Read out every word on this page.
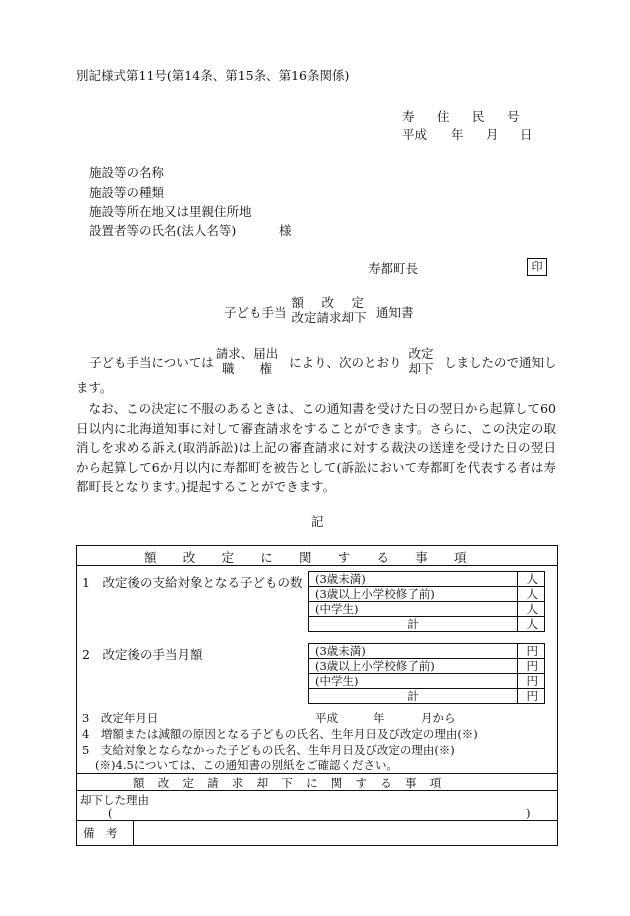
別記様式第11号(第14条、第15条、第16条関係)
寿　住　民　号
平成 年 月 日
施設等の名称
施設等の種類
施設等所在地又は里親住所地
設置者等の氏名(法人名等)	様
寿都町長	印
子ども手当
額　改　定
改定請求却下 通知書
子ども手当については
請求、届出
職　　権	により、次のとおり
改定
却下 しましたので通知し
ます。
なお、この決定に不服のあるときは、この通知書を受けた日の翌日から起算して60日以内に北海道知事に対して審査請求をすることができます。さらに、この決定の取消しを求める訴え(取消訴訟)は上記の審査請求に対する裁決の送達を受けた日の翌日から起算して6か月以内に寿都町を被告として(訴訟において寿都町を代表する者は寿都町長となります。)提起することができます。
記
額改定に関する事項
1　改定後の支給対象となる子どもの数 (3歳未満)	人
(3歳以上小学校修了前)	人
(中学生)	人
計	人
2　改定後の手当月額	(3歳未満)	円
(3歳以上小学校修了前)	円
(中学生)	円
計	円
3　改定年月日	平成	年	月から
4　増額または減額の原因となる子どもの氏名、生年月日及び改定の理由(※)
5　支給対象とならなかった子どもの氏名、生年月日及び改定の理由(※)
(※)4.5については、この通知書の別紙をご確認ください。
額改定請求却下に関する事項
却下した理由
(	)
備　考
